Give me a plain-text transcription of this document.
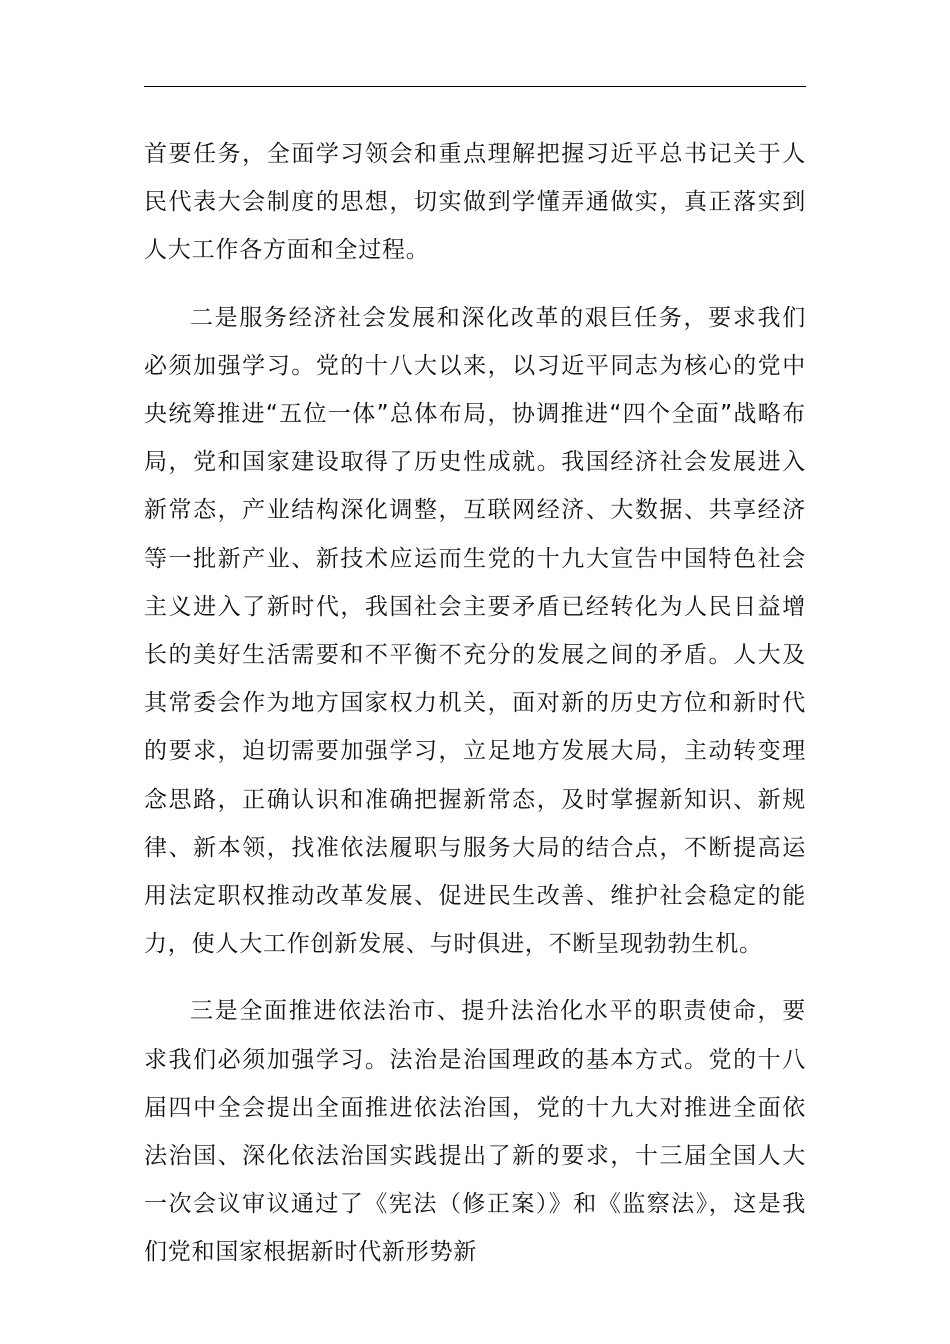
首要任务，全面学习领会和重点理解把握习近平总书记关于人民代表大会制度的思想，切实做到学懂弄通做实，真正落实到人大工作各方面和全过程。

二是服务经济社会发展和深化改革的艰巨任务，要求我们必须加强学习。党的十八大以来，以习近平同志为核心的党中央统筹推进“五位一体”总体布局，协调推进“四个全面”战略布局，党和国家建设取得了历史性成就。我国经济社会发展进入新常态，产业结构深化调整，互联网经济、大数据、共享经济等一批新产业、新技术应运而生党的十九大宣告中国特色社会主义进入了新时代，我国社会主要矛盾已经转化为人民日益增长的美好生活需要和不平衡不充分的发展之间的矛盾。人大及其常委会作为地方国家权力机关，面对新的历史方位和新时代的要求，迫切需要加强学习，立足地方发展大局，主动转变理念思路，正确认识和准确把握新常态，及时掌握新知识、新规律、新本领，找准依法履职与服务大局的结合点，不断提高运用法定职权推动改革发展、促进民生改善、维护社会稳定的能力，使人大工作创新发展、与时俱进，不断呈现勃勃生机。

三是全面推进依法治市、提升法治化水平的职责使命，要求我们必须加强学习。法治是治国理政的基本方式。党的十八届四中全会提出全面推进依法治国，党的十九大对推进全面依法治国、深化依法治国实践提出了新的要求，十三届全国人大一次会议审议通过了《宪法（修正案）》和《监察法》，这是我们党和国家根据新时代新形势新
